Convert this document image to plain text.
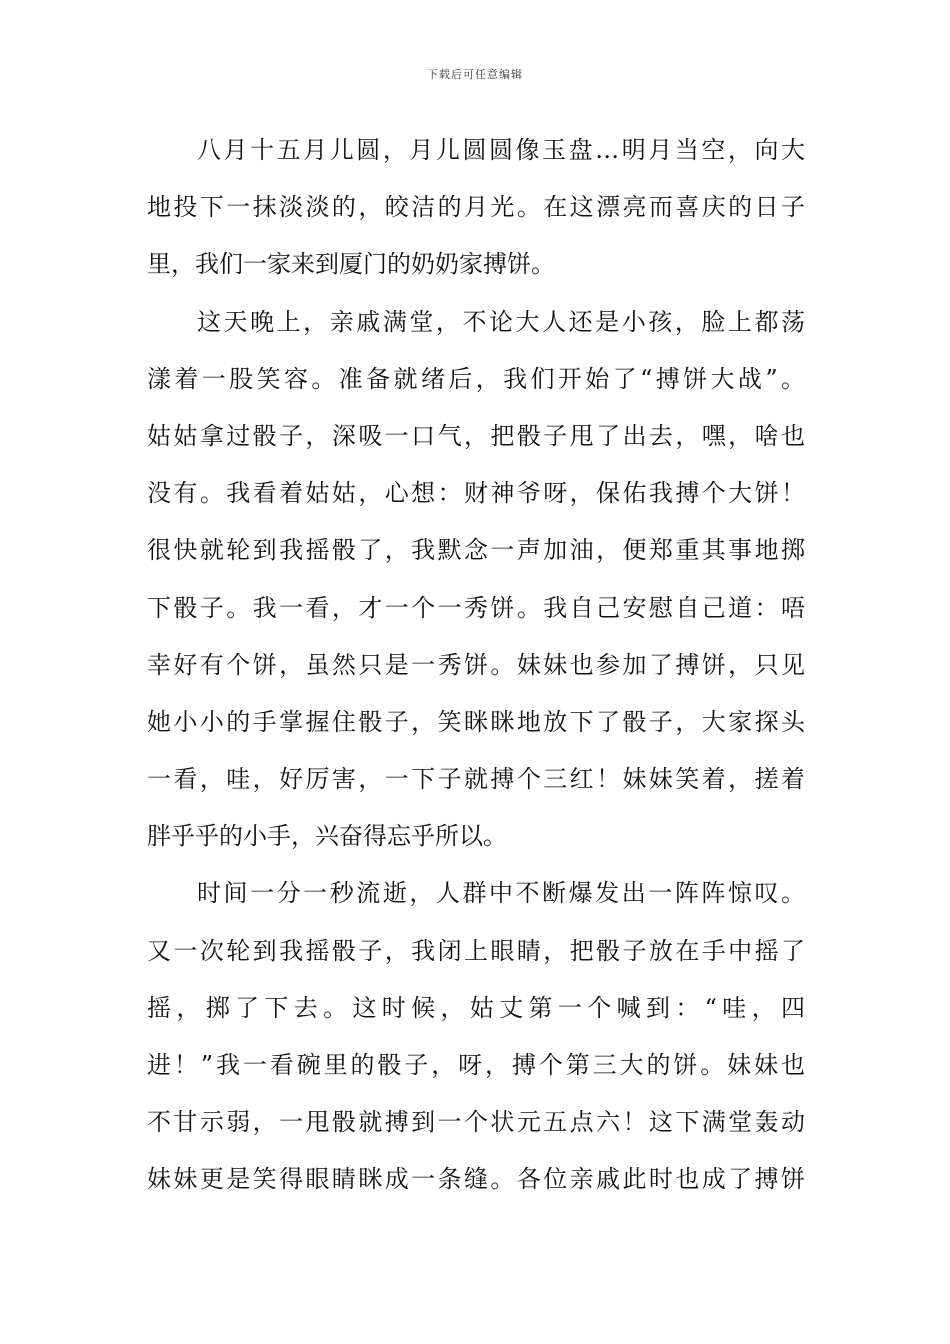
下载后可任意编辑
八月十五月儿圆，月儿圆圆像玉盘…明月当空，向大
地投下一抹淡淡的，皎洁的月光。在这漂亮而喜庆的日子
里，我们一家来到厦门的奶奶家搏饼。
这天晚上，亲戚满堂，不论大人还是小孩，脸上都荡
漾着一股笑容。准备就绪后，我们开始了“搏饼大战”。
姑姑拿过骰子，深吸一口气，把骰子甩了出去，嘿，啥也
没有。我看着姑姑，心想：财神爷呀，保佑我搏个大饼！
很快就轮到我摇骰了，我默念一声加油，便郑重其事地掷
下骰子。我一看，才一个一秀饼。我自己安慰自己道：唔
幸好有个饼，虽然只是一秀饼。妹妹也参加了搏饼，只见
她小小的手掌握住骰子，笑眯眯地放下了骰子，大家探头
一看，哇，好厉害，一下子就搏个三红！妹妹笑着，搓着
胖乎乎的小手，兴奋得忘乎所以。
时间一分一秒流逝，人群中不断爆发出一阵阵惊叹。
又一次轮到我摇骰子，我闭上眼睛，把骰子放在手中摇了
摇，掷了下去。这时候，姑丈第一个喊到：“哇，四
进！”我一看碗里的骰子，呀，搏个第三大的饼。妹妹也
不甘示弱，一甩骰就搏到一个状元五点六！这下满堂轰动
妹妹更是笑得眼睛眯成一条缝。各位亲戚此时也成了搏饼
